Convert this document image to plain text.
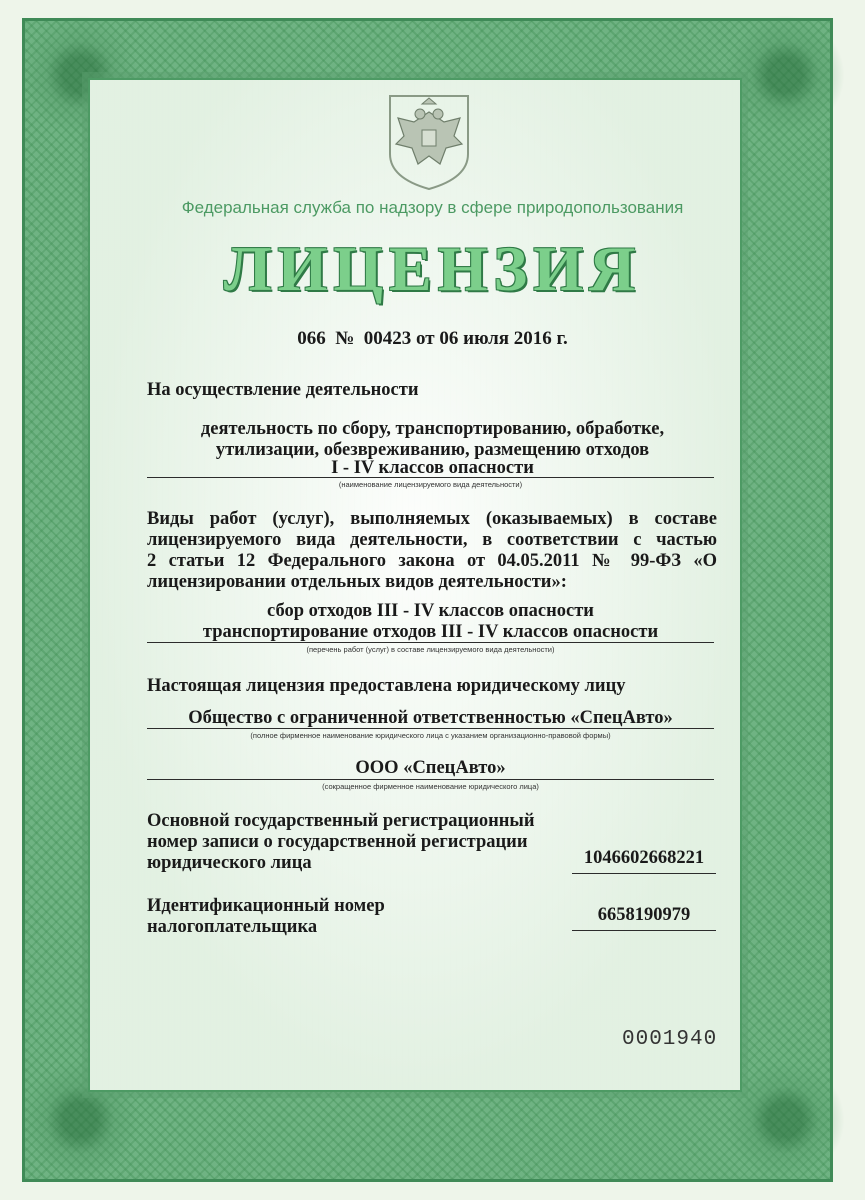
Федеральная служба по надзору в сфере природопользования
ЛИЦЕНЗИЯ
066  №  00423 от 06 июля 2016 г.
На осуществление деятельности
деятельность по сбору, транспортированию, обработке,
утилизации, обезвреживанию, размещению отходов
I - IV классов опасности
(наименование лицензируемого вида деятельности)
Виды работ (услуг), выполняемых (оказываемых) в составе
лицензируемого вида деятельности, в соответствии с частью
2 статьи 12 Федерального закона от 04.05.2011 № 99-ФЗ «О
лицензировании отдельных видов деятельности»:
сбор отходов III - IV классов опасности
транспортирование отходов III - IV классов опасности
(перечень работ (услуг) в составе лицензируемого вида деятельности)
Настоящая лицензия предоставлена юридическому лицу
Общество с ограниченной ответственностью «СпецАвто»
(полное фирменное наименование юридического лица с указанием организационно-правовой формы)
ООО «СпецАвто»
(сокращенное фирменное наименование юридического лица)
Основной государственный регистрационный
номер записи о государственной регистрации
юридического лица	1046602668221
Идентификационный номер
налогоплательщика
6658190979
0001940
